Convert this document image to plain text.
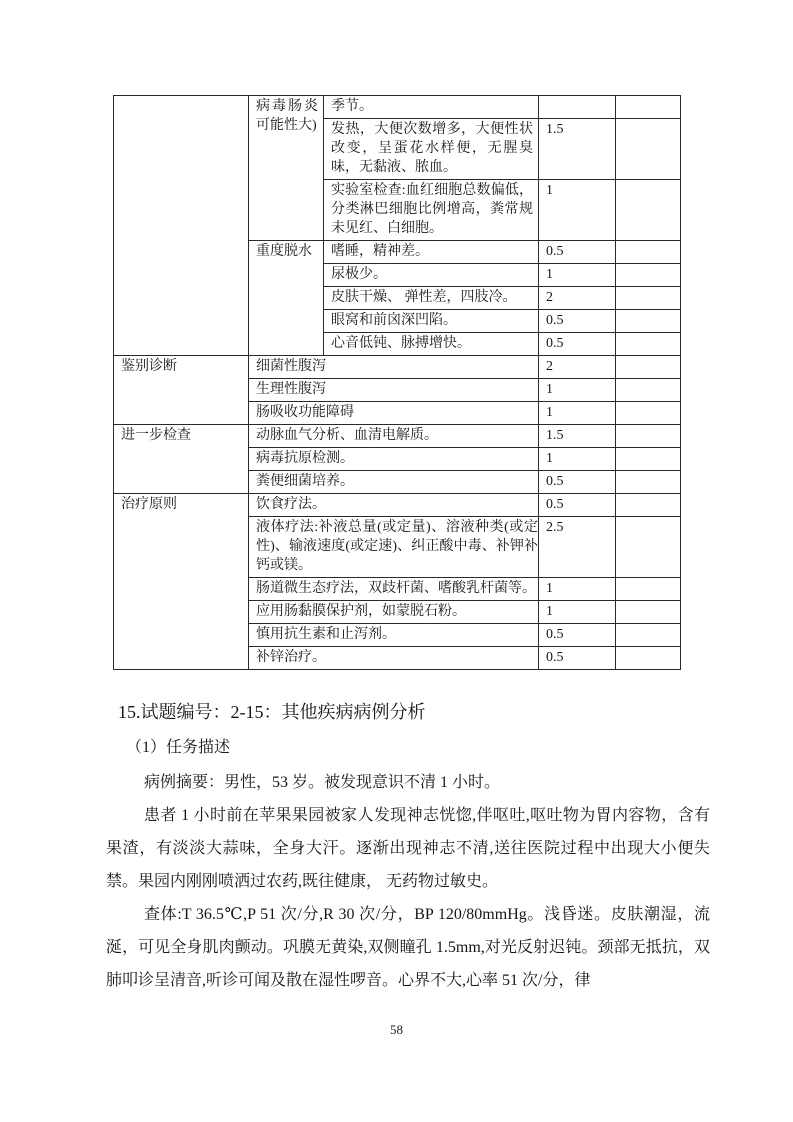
	病毒肠炎可能性大)	季节。		
		发热，大便次数增多，大便性状改变，呈蛋花水样便，无腥臭味，无黏液、脓血。	1.5	
		实验室检查:血红细胞总数偏低，分类淋巴细胞比例增高，粪常规未见红、白细胞。	1	
	重度脱水	嗜睡，精神差。	0.5	
		尿极少。	1	
		皮肤干燥、 弹性差，四肢冷。	2	
		眼窝和前囟深凹陷。	0.5	
		心音低钝、脉搏增快。	0.5	
鉴别诊断	细菌性腹泻		2	
	生理性腹泻		1	
	肠吸收功能障碍		1	
进一步检查	动脉血气分析、血清电解质。		1.5	
	病毒抗原检测。		1	
	粪便细菌培养。		0.5	
治疗原则	饮食疗法。		0.5	
	液体疗法:补液总量(或定量)、溶液种类(或定性)、输液速度(或定速)、纠正酸中毒、补钾补钙或镁。		2.5	
	肠道微生态疗法，双歧杆菌、嗜酸乳杆菌等。		1	
	应用肠黏膜保护剂，如蒙脱石粉。		1	
	慎用抗生素和止泻剂。		0.5	
	补锌治疗。		0.5	
15.试题编号：2-15：其他疾病病例分析
（1）任务描述

病例摘要：男性，53 岁。被发现意识不清 1 小时。

患者 1 小时前在苹果果园被家人发现神志恍惚,伴呕吐,呕吐物为胃内容物，含有果渣，有淡淡大蒜味，全身大汗。逐渐出现神志不清,送往医院过程中出现大小便失禁。果园内刚刚喷洒过农药,既往健康， 无药物过敏史。

查体:T 36.5℃,P 51 次/分,R 30 次/分，BP 120/80mmHg。浅昏迷。皮肤潮湿，流涎，可见全身肌肉颤动。巩膜无黄染,双侧瞳孔 1.5mm,对光反射迟钝。颈部无抵抗，双肺叩诊呈清音,听诊可闻及散在湿性啰音。心界不大,心率 51 次/分，律

58
